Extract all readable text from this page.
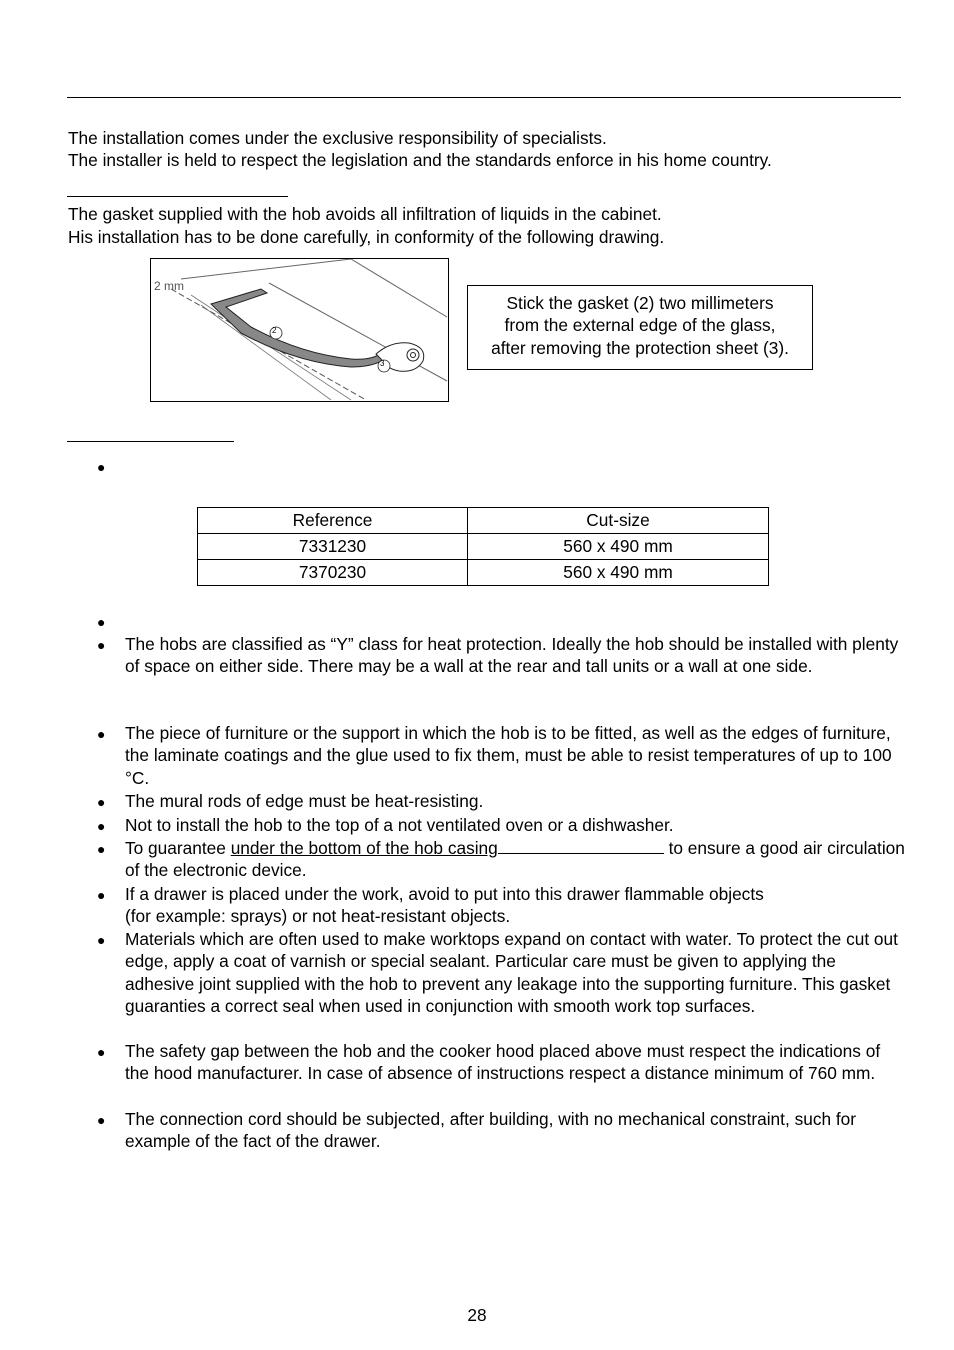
The installation comes under the exclusive responsibility of specialists.
The installer is held to respect the legislation and the standards enforce in his home country.
The gasket supplied with the hob avoids all infiltration of liquids in the cabinet.
His installation has to be done carefully, in conformity of the following drawing.
2 mm
2
3
Stick the gasket (2) two millimeters
from the external edge of the glass,
after removing the protection sheet (3).
●
Reference	Cut-size
7331230	560 x 490 mm
7370230	560 x 490 mm
●
● The hobs are classified as “Y” class for heat protection. Ideally the hob should be installed with plenty of space on either side. There may be a wall at the rear and tall units or a wall at one side.
● The piece of furniture or the support in which the hob is to be fitted, as well as the edges of furniture, the laminate coatings and the glue used to fix them, must be able to resist temperatures of up to 100 °C.
● The mural rods of edge must be heat-resisting.
● Not to install the hob to the top of a not ventilated oven or a dishwasher.
● To guarantee under the bottom of the hob casing	to ensure a good air circulation of the electronic device.
● If a drawer is placed under the work, avoid to put into this drawer flammable objects
(for example: sprays) or not heat-resistant objects.
● Materials which are often used to make worktops expand on contact with water. To protect the cut out edge, apply a coat of varnish or special sealant. Particular care must be given to applying the adhesive joint supplied with the hob to prevent any leakage into the supporting furniture. This gasket guaranties a correct seal when used in conjunction with smooth work top surfaces.
● The safety gap between the hob and the cooker hood placed above must respect the indications of the hood manufacturer. In case of absence of instructions respect a distance minimum of 760 mm.
● The connection cord should be subjected, after building, with no mechanical constraint, such for example of the fact of the drawer.
28
